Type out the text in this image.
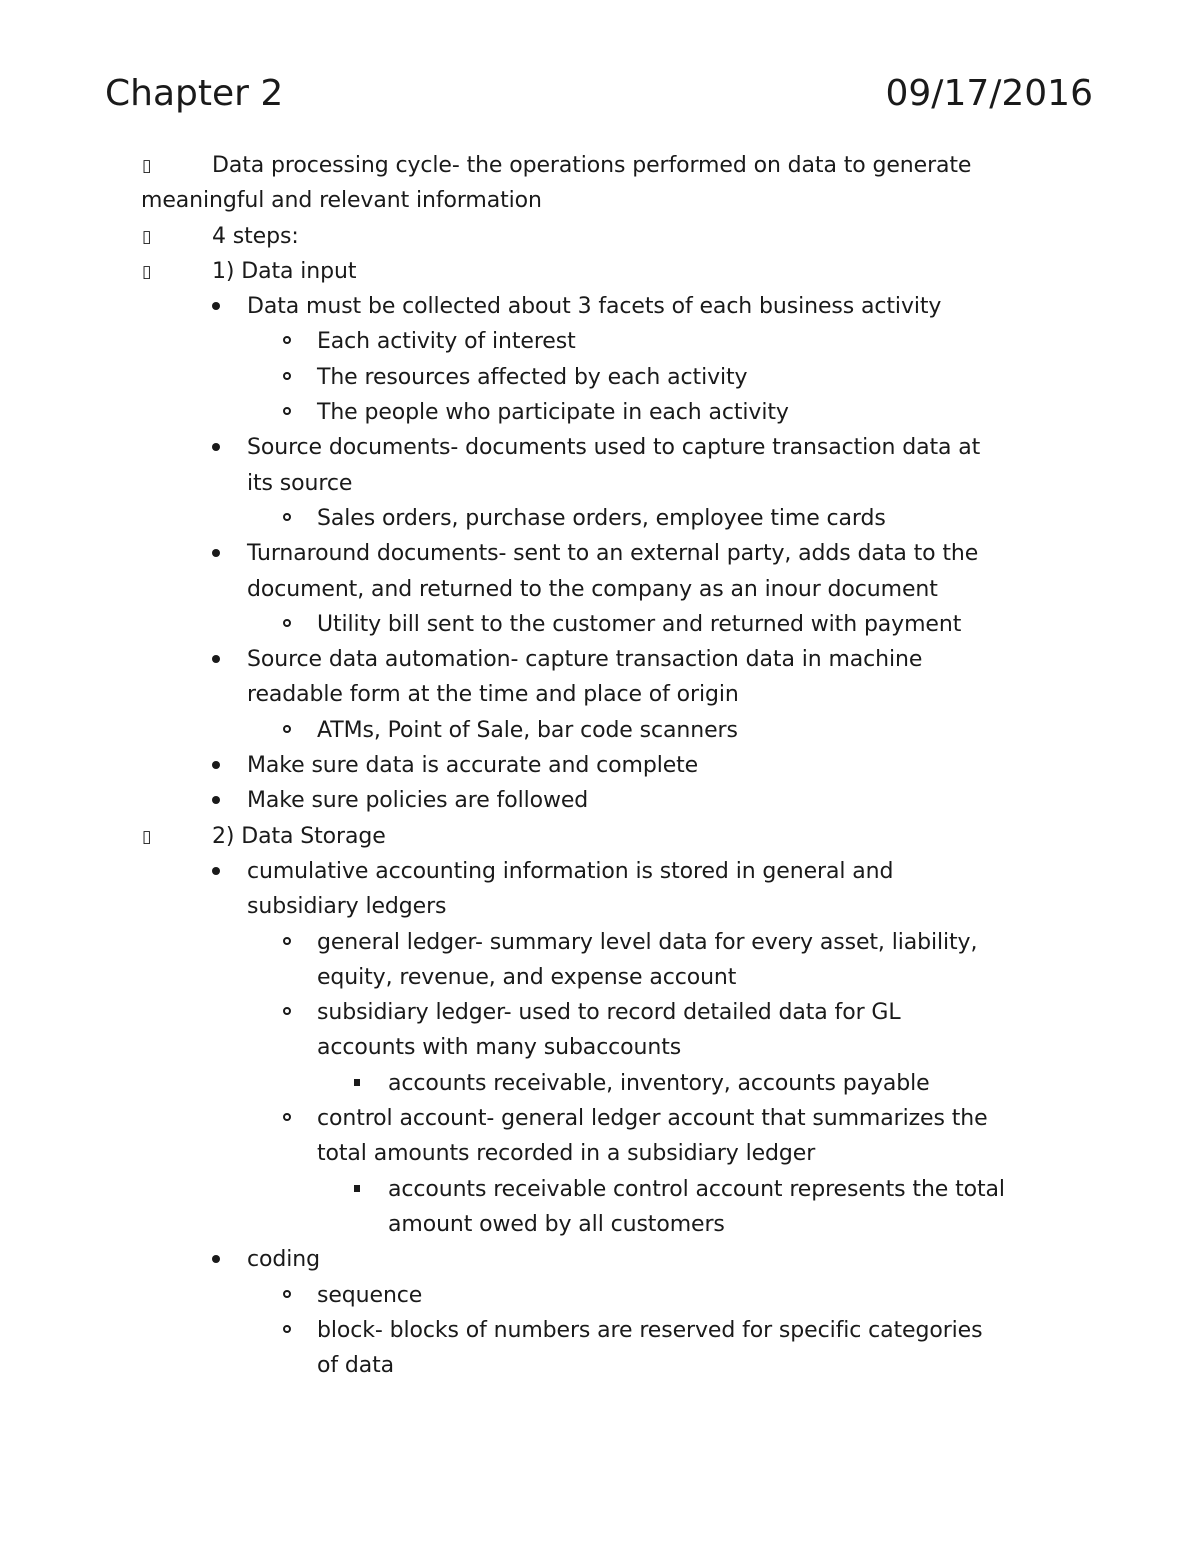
Chapter 2	09/17/2016
▯	Data processing cycle- the operations performed on data to generate
meaningful and relevant information
▯	4 steps:
▯	1) Data input
Data must be collected about 3 facets of each business activity
Each activity of interest
The resources affected by each activity
The people who participate in each activity
Source documents- documents used to capture transaction data at
its source
Sales orders, purchase orders, employee time cards
Turnaround documents- sent to an external party, adds data to the
document, and returned to the company as an inour document
Utility bill sent to the customer and returned with payment
Source data automation- capture transaction data in machine
readable form at the time and place of origin
ATMs, Point of Sale, bar code scanners
Make sure data is accurate and complete
Make sure policies are followed
▯	2) Data Storage
cumulative accounting information is stored in general and
subsidiary ledgers
general ledger- summary level data for every asset, liability,
equity, revenue, and expense account
subsidiary ledger- used to record detailed data for GL
accounts with many subaccounts
accounts receivable, inventory, accounts payable
control account- general ledger account that summarizes the
total amounts recorded in a subsidiary ledger
accounts receivable control account represents the total
amount owed by all customers
coding
sequence
block- blocks of numbers are reserved for specific categories
of data
